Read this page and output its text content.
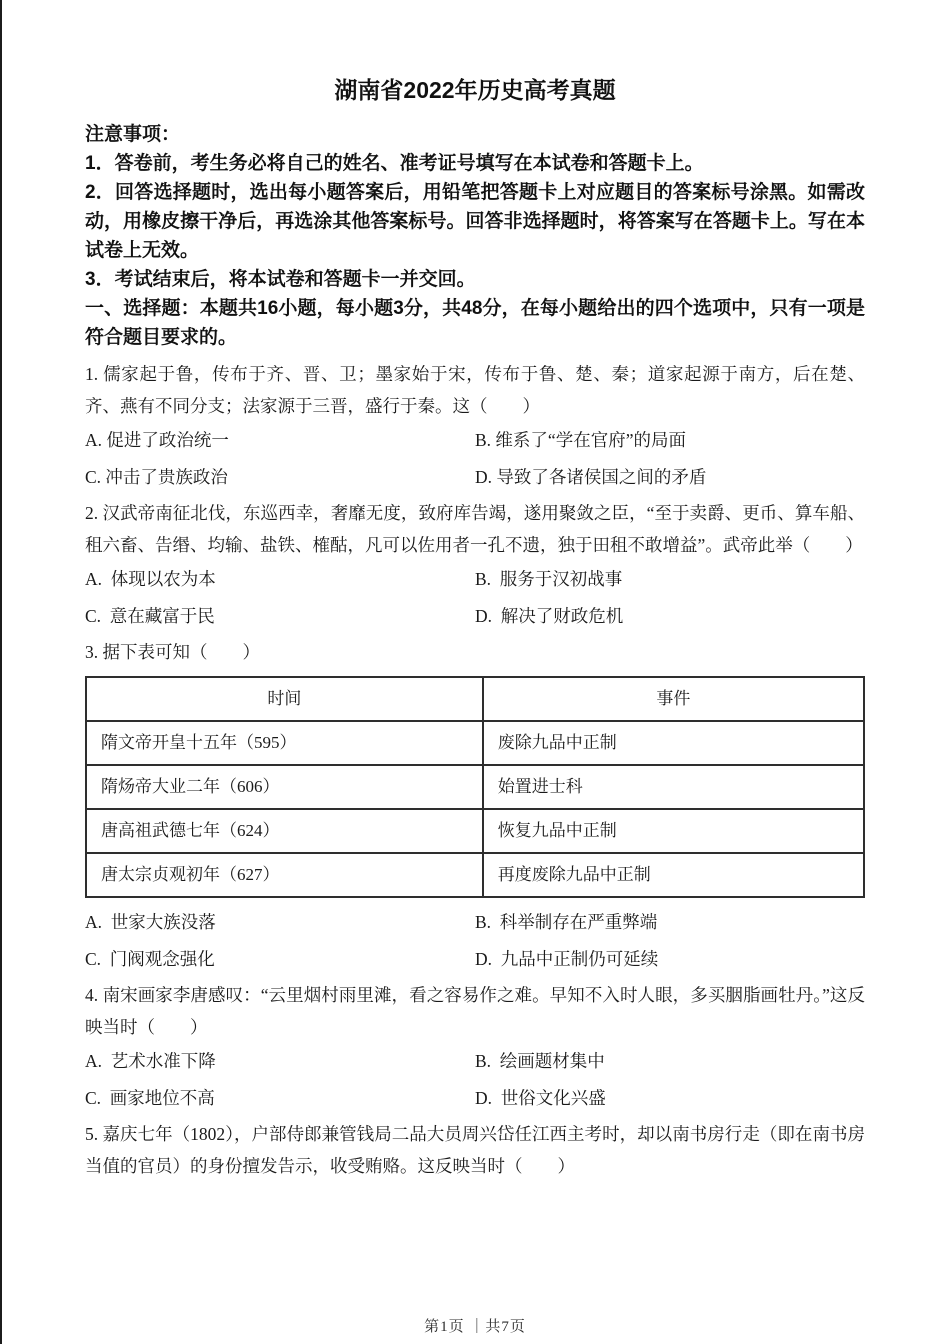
湖南省2022年历史高考真题

注意事项：

1．答卷前，考生务必将自己的姓名、准考证号填写在本试卷和答题卡上。

2．回答选择题时，选出每小题答案后，用铅笔把答题卡上对应题目的答案标号涂黑。如需改动，用橡皮擦干净后，再选涂其他答案标号。回答非选择题时，将答案写在答题卡上。写在本试卷上无效。

3．考试结束后，将本试卷和答题卡一并交回。

一、选择题：本题共16小题，每小题3分，共48分，在每小题给出的四个选项中，只有一项是符合题目要求的。

1. 儒家起于鲁，传布于齐、晋、卫；墨家始于宋，传布于鲁、楚、秦；道家起源于南方，后在楚、齐、燕有不同分支；法家源于三晋，盛行于秦。这（　　）

A. 促进了政治统一	B. 维系了“学在官府”的局面
C. 冲击了贵族政治	D. 导致了各诸侯国之间的矛盾

2. 汉武帝南征北伐，东巡西幸，奢靡无度，致府库告竭，遂用聚敛之臣，“至于卖爵、更币、算车船、租六畜、告缗、均输、盐铁、榷酤，凡可以佐用者一孔不遗，独于田租不敢增益”。武帝此举（　　）

A.  体现以农为本	B.  服务于汉初战事
C.  意在藏富于民	D.  解决了财政危机

3. 据下表可知（　　）

时间	事件
隋文帝开皇十五年（595）	废除九品中正制
隋炀帝大业二年（606）	始置进士科
唐高祖武德七年（624）	恢复九品中正制
唐太宗贞观初年（627）	再度废除九品中正制
A.  世家大族没落	B.  科举制存在严重弊端
C.  门阀观念强化	D.  九品中正制仍可延续

4. 南宋画家李唐感叹：“云里烟村雨里滩，看之容易作之难。早知不入时人眼，多买胭脂画牡丹。”这反映当时（　　）

A.  艺术水准下降	B.  绘画题材集中
C.  画家地位不高	D.  世俗文化兴盛

5. 嘉庆七年（1802），户部侍郎兼管钱局二品大员周兴岱任江西主考时，却以南书房行走（即在南书房当值的官员）的身份擅发告示，收受贿赂。这反映当时（　　）

第1页 ｜共7页
